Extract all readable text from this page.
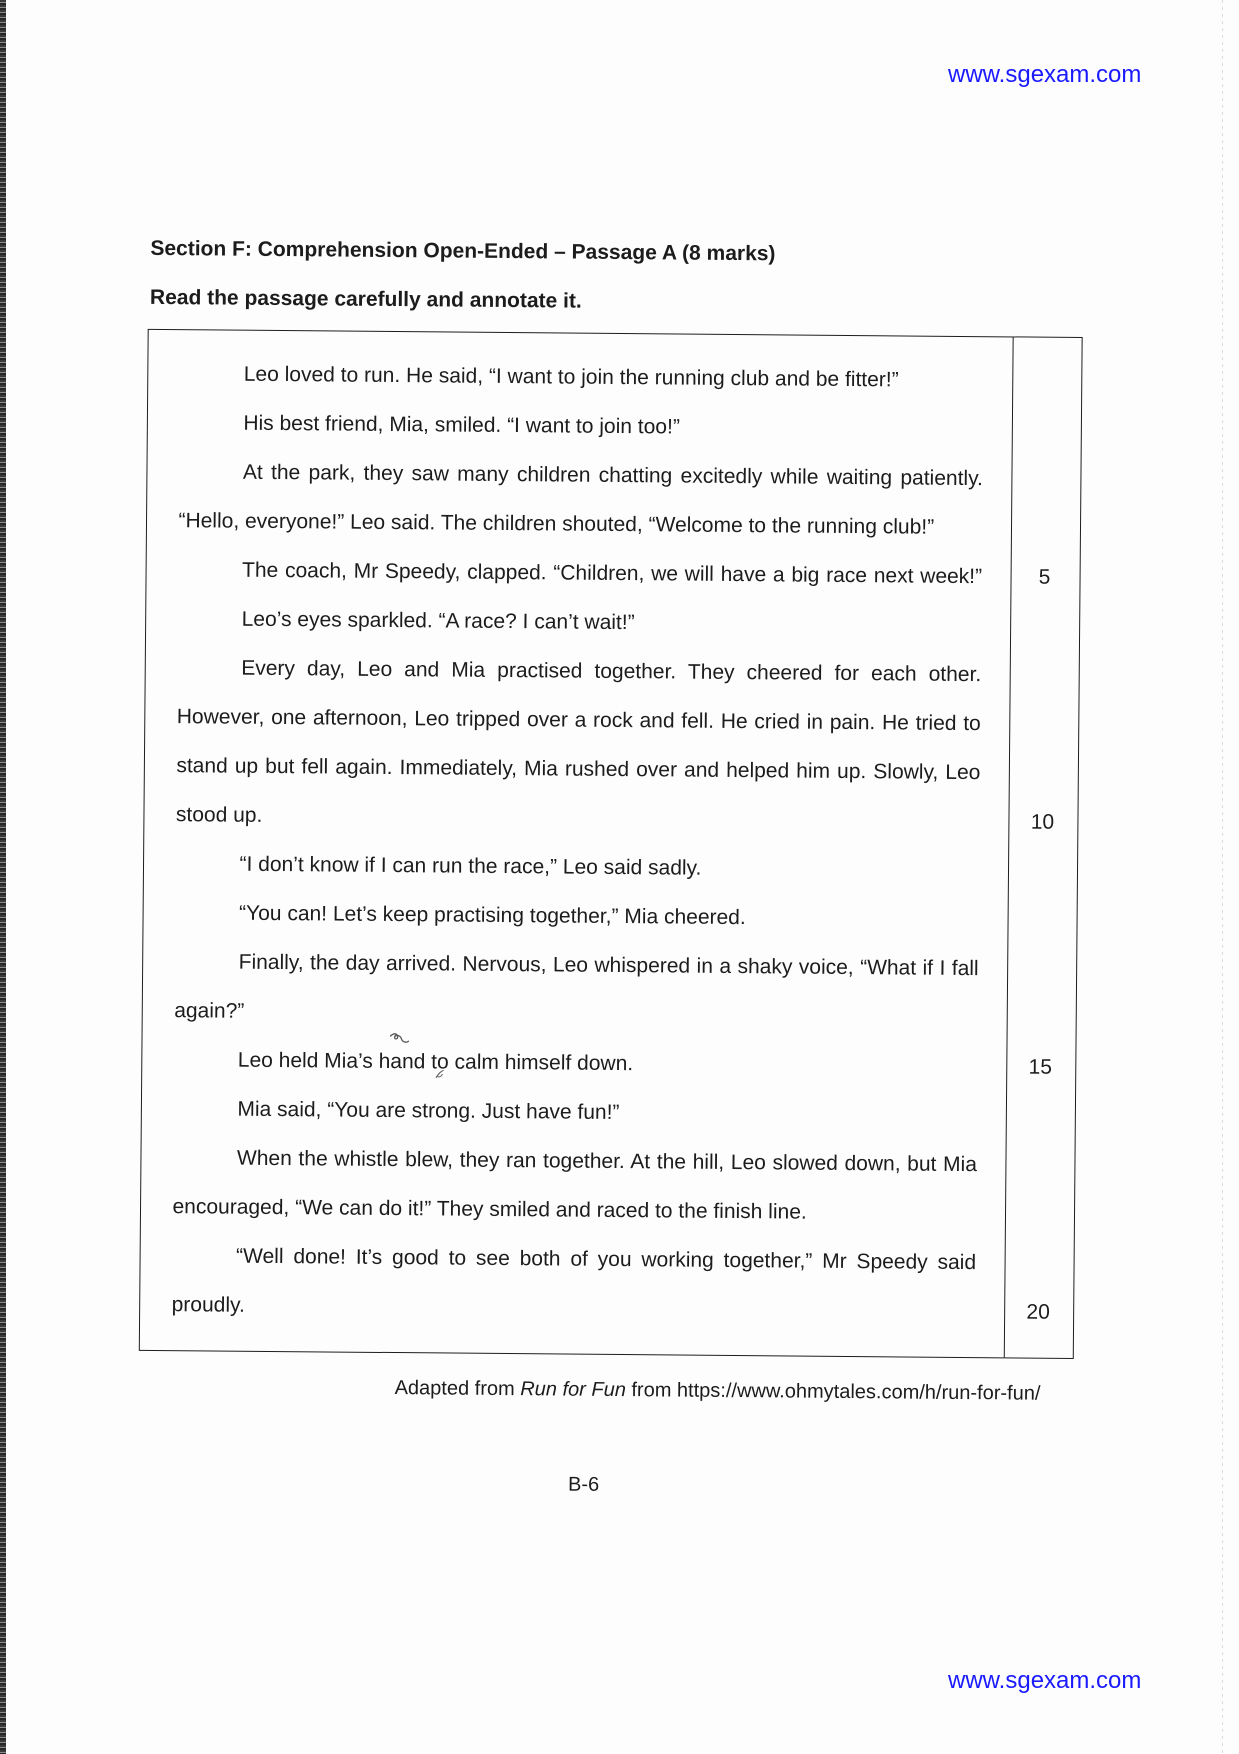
www.sgexam.com
Section F: Comprehension Open-Ended – Passage A (8 marks)
Read the passage carefully and annotate it.
Leo loved to run. He said, “I want to join the running club and be fitter!”
His best friend, Mia, smiled. “I want to join too!”
At the park, they saw many children chatting excitedly while waiting patiently.
“Hello, everyone!” Leo said. The children shouted, “Welcome to the running club!”
The coach, Mr Speedy, clapped. “Children, we will have a big race next week!”	5
Leo’s eyes sparkled. “A race? I can’t wait!”
Every day, Leo and Mia practised together. They cheered for each other.
However, one afternoon, Leo tripped over a rock and fell. He cried in pain. He tried to
stand up but fell again. Immediately, Mia rushed over and helped him up. Slowly, Leo
stood up.	10
“I don’t know if I can run the race,” Leo said sadly.
“You can! Let’s keep practising together,” Mia cheered.
Finally, the day arrived. Nervous, Leo whispered in a shaky voice, “What if I fall
again?”
Leo held Mia’s hand to calm himself down.	15
Mia said, “You are strong. Just have fun!”
When the whistle blew, they ran together. At the hill, Leo slowed down, but Mia
encouraged, “We can do it!” They smiled and raced to the finish line.
“Well done! It’s good to see both of you working together,” Mr Speedy said
proudly.	20
Adapted from Run for Fun from https://www.ohmytales.com/h/run-for-fun/
B-6
www.sgexam.com
